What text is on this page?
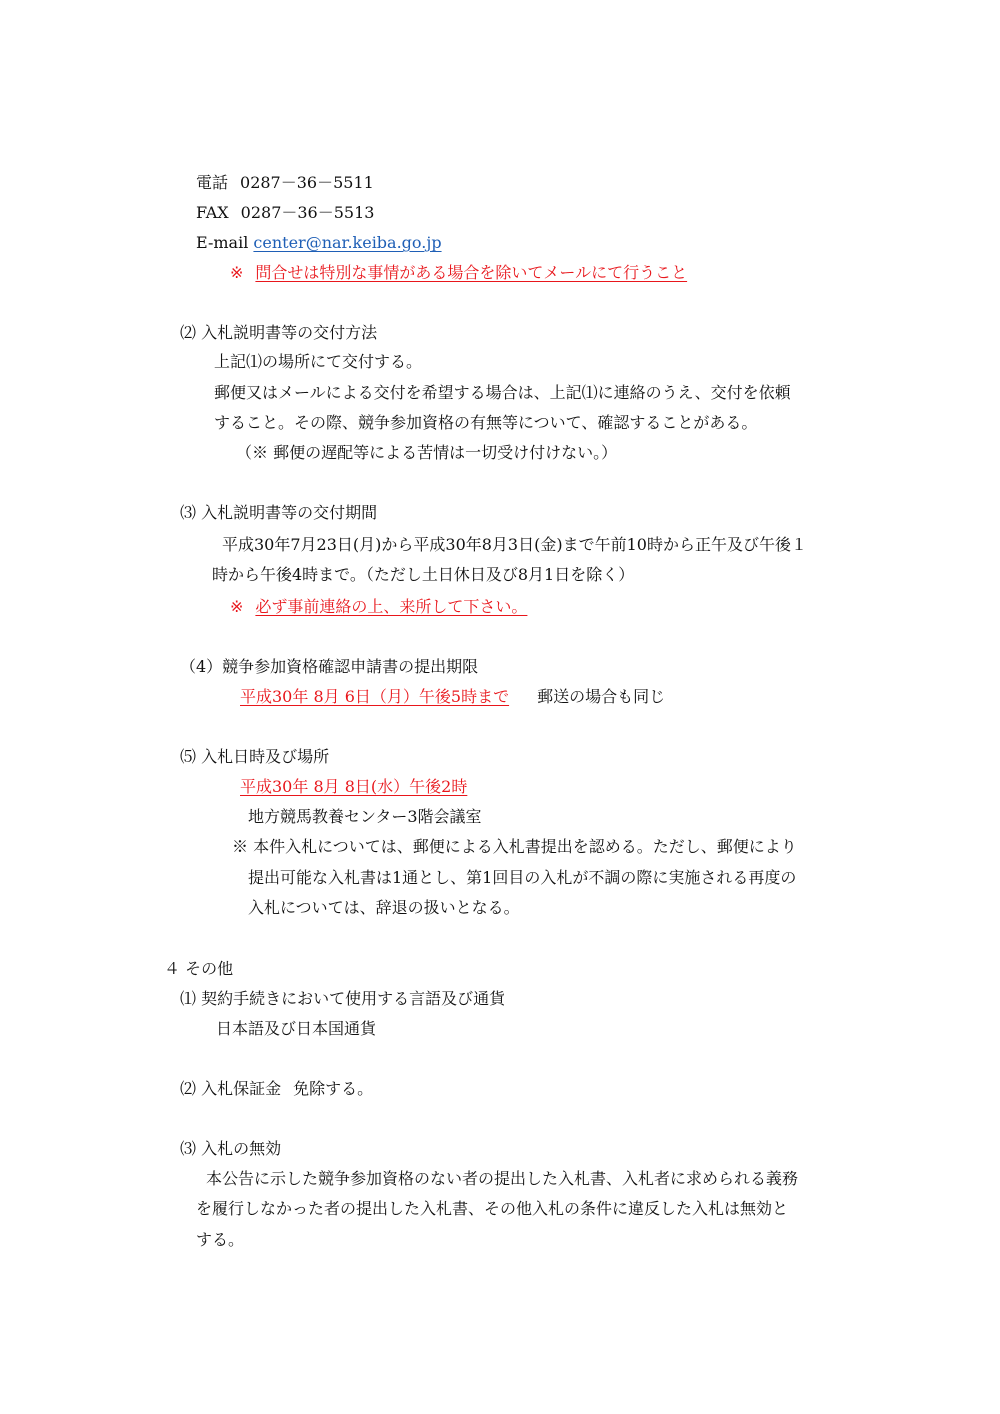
電話 0287－36－5511
FAX 0287－36－5513
E-mail center@nar.keiba.go.jp
※ 問合せは特別な事情がある場合を除いてメールにて行うこと
⑵ 入札説明書等の交付方法
上記⑴の場所にて交付する。
郵便又はメールによる交付を希望する場合は、上記⑴に連絡のうえ、交付を依頼
すること。その際、競争参加資格の有無等について、確認することがある。
（※ 郵便の遅配等による苦情は一切受け付けない。）
⑶ 入札説明書等の交付期間
平成30年7月23日(月)から平成30年8月3日(金)まで午前10時から正午及び午後１
時から午後4時まで。（ただし土日休日及び8月1日を除く）
※ 必ず事前連絡の上、来所して下さい。
（4）競争参加資格確認申請書の提出期限
平成30年 8月 6日（月）午後5時まで 郵送の場合も同じ
⑸ 入札日時及び場所
平成30年 8月 8日(水）午後2時
地方競馬教養センター3階会議室
※ 本件入札については、郵便による入札書提出を認める。ただし、郵便により
提出可能な入札書は1通とし、第1回目の入札が不調の際に実施される再度の
入札については、辞退の扱いとなる。
４ その他
⑴ 契約手続きにおいて使用する言語及び通貨
日本語及び日本国通貨
⑵ 入札保証金 免除する。
⑶ 入札の無効
本公告に示した競争参加資格のない者の提出した入札書、入札者に求められる義務
を履行しなかった者の提出した入札書、その他入札の条件に違反した入札は無効と
する。
